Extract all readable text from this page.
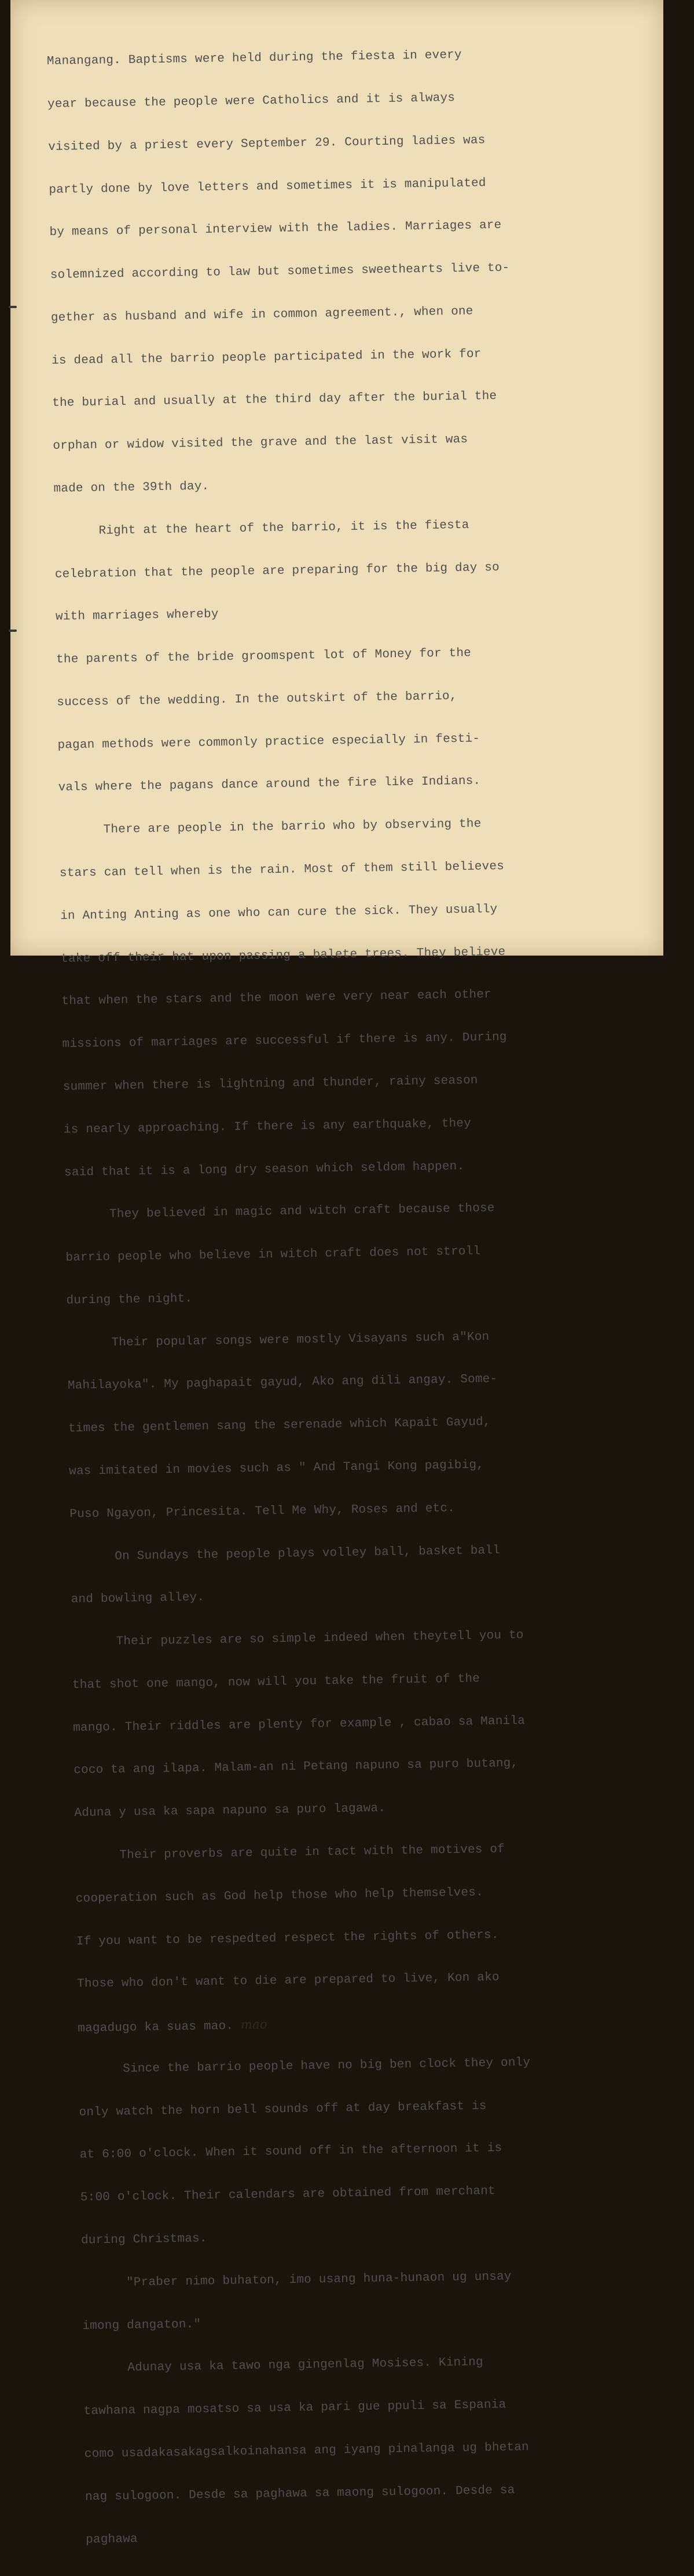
Manangang. Baptisms were held during the fiesta in every

year because the people were Catholics and it is always

visited by a priest every September 29. Courting ladies was

partly done by love letters and sometimes it is manipulated

by means of personal interview with the ladies. Marriages are

solemnized according to law but sometimes sweethearts live to-

gether as husband and wife in common agreement., when one

is dead all the barrio people participated in the work for

the burial and usually at the third day after the burial the

orphan or widow visited the grave and the last visit was

made on the 39th day.

Right at the heart of the barrio, it is the fiesta

celebration that the people are preparing for the big day so

with marriages whereby

the parents of the bride groomspent lot of Money for the

success of the wedding. In the outskirt of the barrio,

pagan methods were commonly practice especially in festi-

vals where the pagans dance around the fire like Indians.

There are people in the barrio who by observing the

stars can tell when is the rain. Most of them still believes

in Anting Anting as one who can cure the sick. They usually

take off their hat upon passing a balete trees. They believe

that when the stars and the moon were very near each other

missions of marriages are successful if there is any. During

summer when there is lightning and thunder, rainy season

is nearly approaching. If there is any earthquake, they

said that it is a long dry season which seldom happen.

They believed in magic and witch craft because those

barrio people who believe in witch craft does not stroll

during the night.

Their popular songs were mostly Visayans such a"Kon

Mahilayoka". My paghapait gayud, Ako ang dili angay. Some-

times the gentlemen sang the serenade which Kapait Gayud,

was imitated in movies such as " And Tangi Kong pagibig,

Puso Ngayon, Princesita. Tell Me Why, Roses and etc.

On Sundays the people plays volley ball, basket ball

and bowling alley.

Their puzzles are so simple indeed when theytell you to

that shot one mango, now will you take the fruit of the

mango. Their riddles are plenty for example , cabao sa Manila

coco ta ang ilapa. Malam-an ni Petang napuno sa puro butang,

Aduna y usa ka sapa napuno sa puro lagawa.

Their proverbs are quite in tact with the motives of

cooperation such as God help those who help themselves.

If you want to be respedted respect the rights of others.

Those who don't want to die are prepared to live, Kon ako

magadugo ka suas mao. mao

Since the barrio people have no big ben clock they only

only watch the horn bell sounds off at day breakfast is

at 6:00 o'clock. When it sound off in the afternoon it is

5:00 o'clock. Their calendars are obtained from merchant

during Christmas.

"Praber nimo buhaton, imo usang huna-hunaon ug unsay

imong dangaton."

Adunay usa ka tawo nga gingenlag Mosises. Kining

tawhana nagpa mosatso sa usa ka pari gue ppuli sa Espania

como usadakasakagsalkoinahansa ang iyang pinalanga ug bhetan

nag sulogoon. Desde sa paghawa sa maong sulogoon. Desde sa

paghawa
